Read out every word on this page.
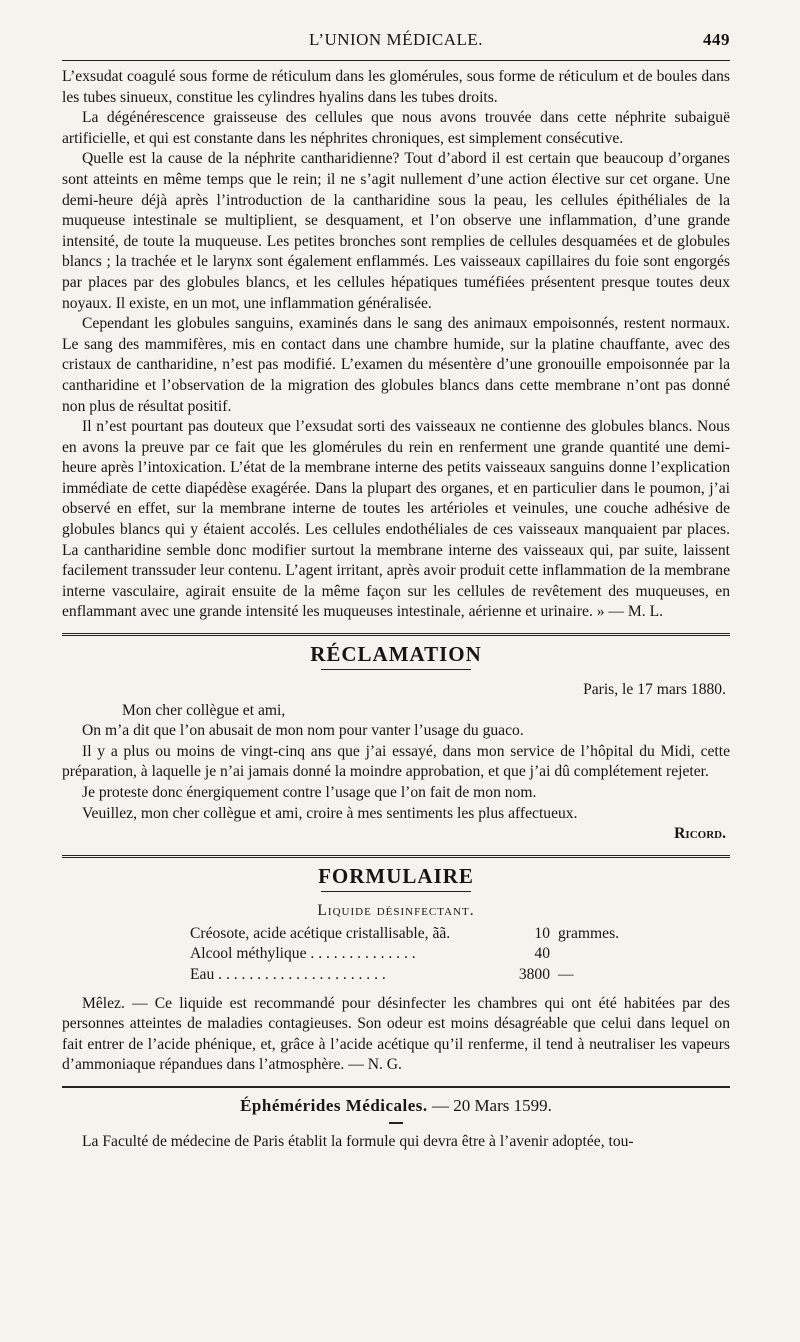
L’UNION MÉDICALE.	449

L’exsudat coagulé sous forme de réticulum dans les glomérules, sous forme de réticulum et de boules dans les tubes sinueux, constitue les cylindres hyalins dans les tubes droits.

La dégénérescence graisseuse des cellules que nous avons trouvée dans cette néphrite subaiguë artificielle, et qui est constante dans les néphrites chroniques, est simplement consécutive.

Quelle est la cause de la néphrite cantharidienne? Tout d’abord il est certain que beaucoup d’organes sont atteints en même temps que le rein; il ne s’agit nullement d’une action élective sur cet organe. Une demi-heure déjà après l’introduction de la cantharidine sous la peau, les cellules épithéliales de la muqueuse intestinale se multiplient, se desquament, et l’on observe une inflammation, d’une grande intensité, de toute la muqueuse. Les petites bronches sont remplies de cellules desquamées et de globules blancs ; la trachée et le larynx sont également enflammés. Les vaisseaux capillaires du foie sont engorgés par places par des globules blancs, et les cellules hépatiques tuméfiées présentent presque toutes deux noyaux. Il existe, en un mot, une inflammation généralisée.

Cependant les globules sanguins, examinés dans le sang des animaux empoisonnés, restent normaux. Le sang des mammifères, mis en contact dans une chambre humide, sur la platine chauffante, avec des cristaux de cantharidine, n’est pas modifié. L’examen du mésentère d’une gronouille empoisonnée par la cantharidine et l’observation de la migration des globules blancs dans cette membrane n’ont pas donné non plus de résultat positif.

Il n’est pourtant pas douteux que l’exsudat sorti des vaisseaux ne contienne des globules blancs. Nous en avons la preuve par ce fait que les glomérules du rein en renferment une grande quantité une demi-heure après l’intoxication. L’état de la membrane interne des petits vaisseaux sanguins donne l’explication immédiate de cette diapédèse exagérée. Dans la plupart des organes, et en particulier dans le poumon, j’ai observé en effet, sur la membrane interne de toutes les artérioles et veinules, une couche adhésive de globules blancs qui y étaient accolés. Les cellules endothéliales de ces vaisseaux manquaient par places. La cantharidine semble donc modifier surtout la membrane interne des vaisseaux qui, par suite, laissent facilement transsuder leur contenu. L’agent irritant, après avoir produit cette inflammation de la membrane interne vasculaire, agirait ensuite de la même façon sur les cellules de revêtement des muqueuses, en enflammant avec une grande intensité les muqueuses intestinale, aérienne et urinaire. » — M. L.

RÉCLAMATION

Paris, le 17 mars 1880.

Mon cher collègue et ami,

On m’a dit que l’on abusait de mon nom pour vanter l’usage du guaco.

Il y a plus ou moins de vingt-cinq ans que j’ai essayé, dans mon service de l’hôpital du Midi, cette préparation, à laquelle je n’ai jamais donné la moindre approbation, et que j’ai dû complétement rejeter.

Je proteste donc énergiquement contre l’usage que l’on fait de mon nom.

Veuillez, mon cher collègue et ami, croire à mes sentiments les plus affectueux.

Ricord.

FORMULAIRE
Liquide désinfectant.
Créosote, acide acétique cristallisable, ãã.	10	grammes.
Alcool méthylique . . . . . . . . . . . . . .	40	
Eau . . . . . . . . . . . . . . . . . . . . . .	3800	—

Mêlez. — Ce liquide est recommandé pour désinfecter les chambres qui ont été habitées par des personnes atteintes de maladies contagieuses. Son odeur est moins désagréable que celui dans lequel on fait entrer de l’acide phénique, et, grâce à l’acide acétique qu’il renferme, il tend à neutraliser les vapeurs d’ammoniaque répandues dans l’atmosphère. — N. G.

Éphémérides Médicales. — 20 Mars 1599.

La Faculté de médecine de Paris établit la formule qui devra être à l’avenir adoptée, tou-
